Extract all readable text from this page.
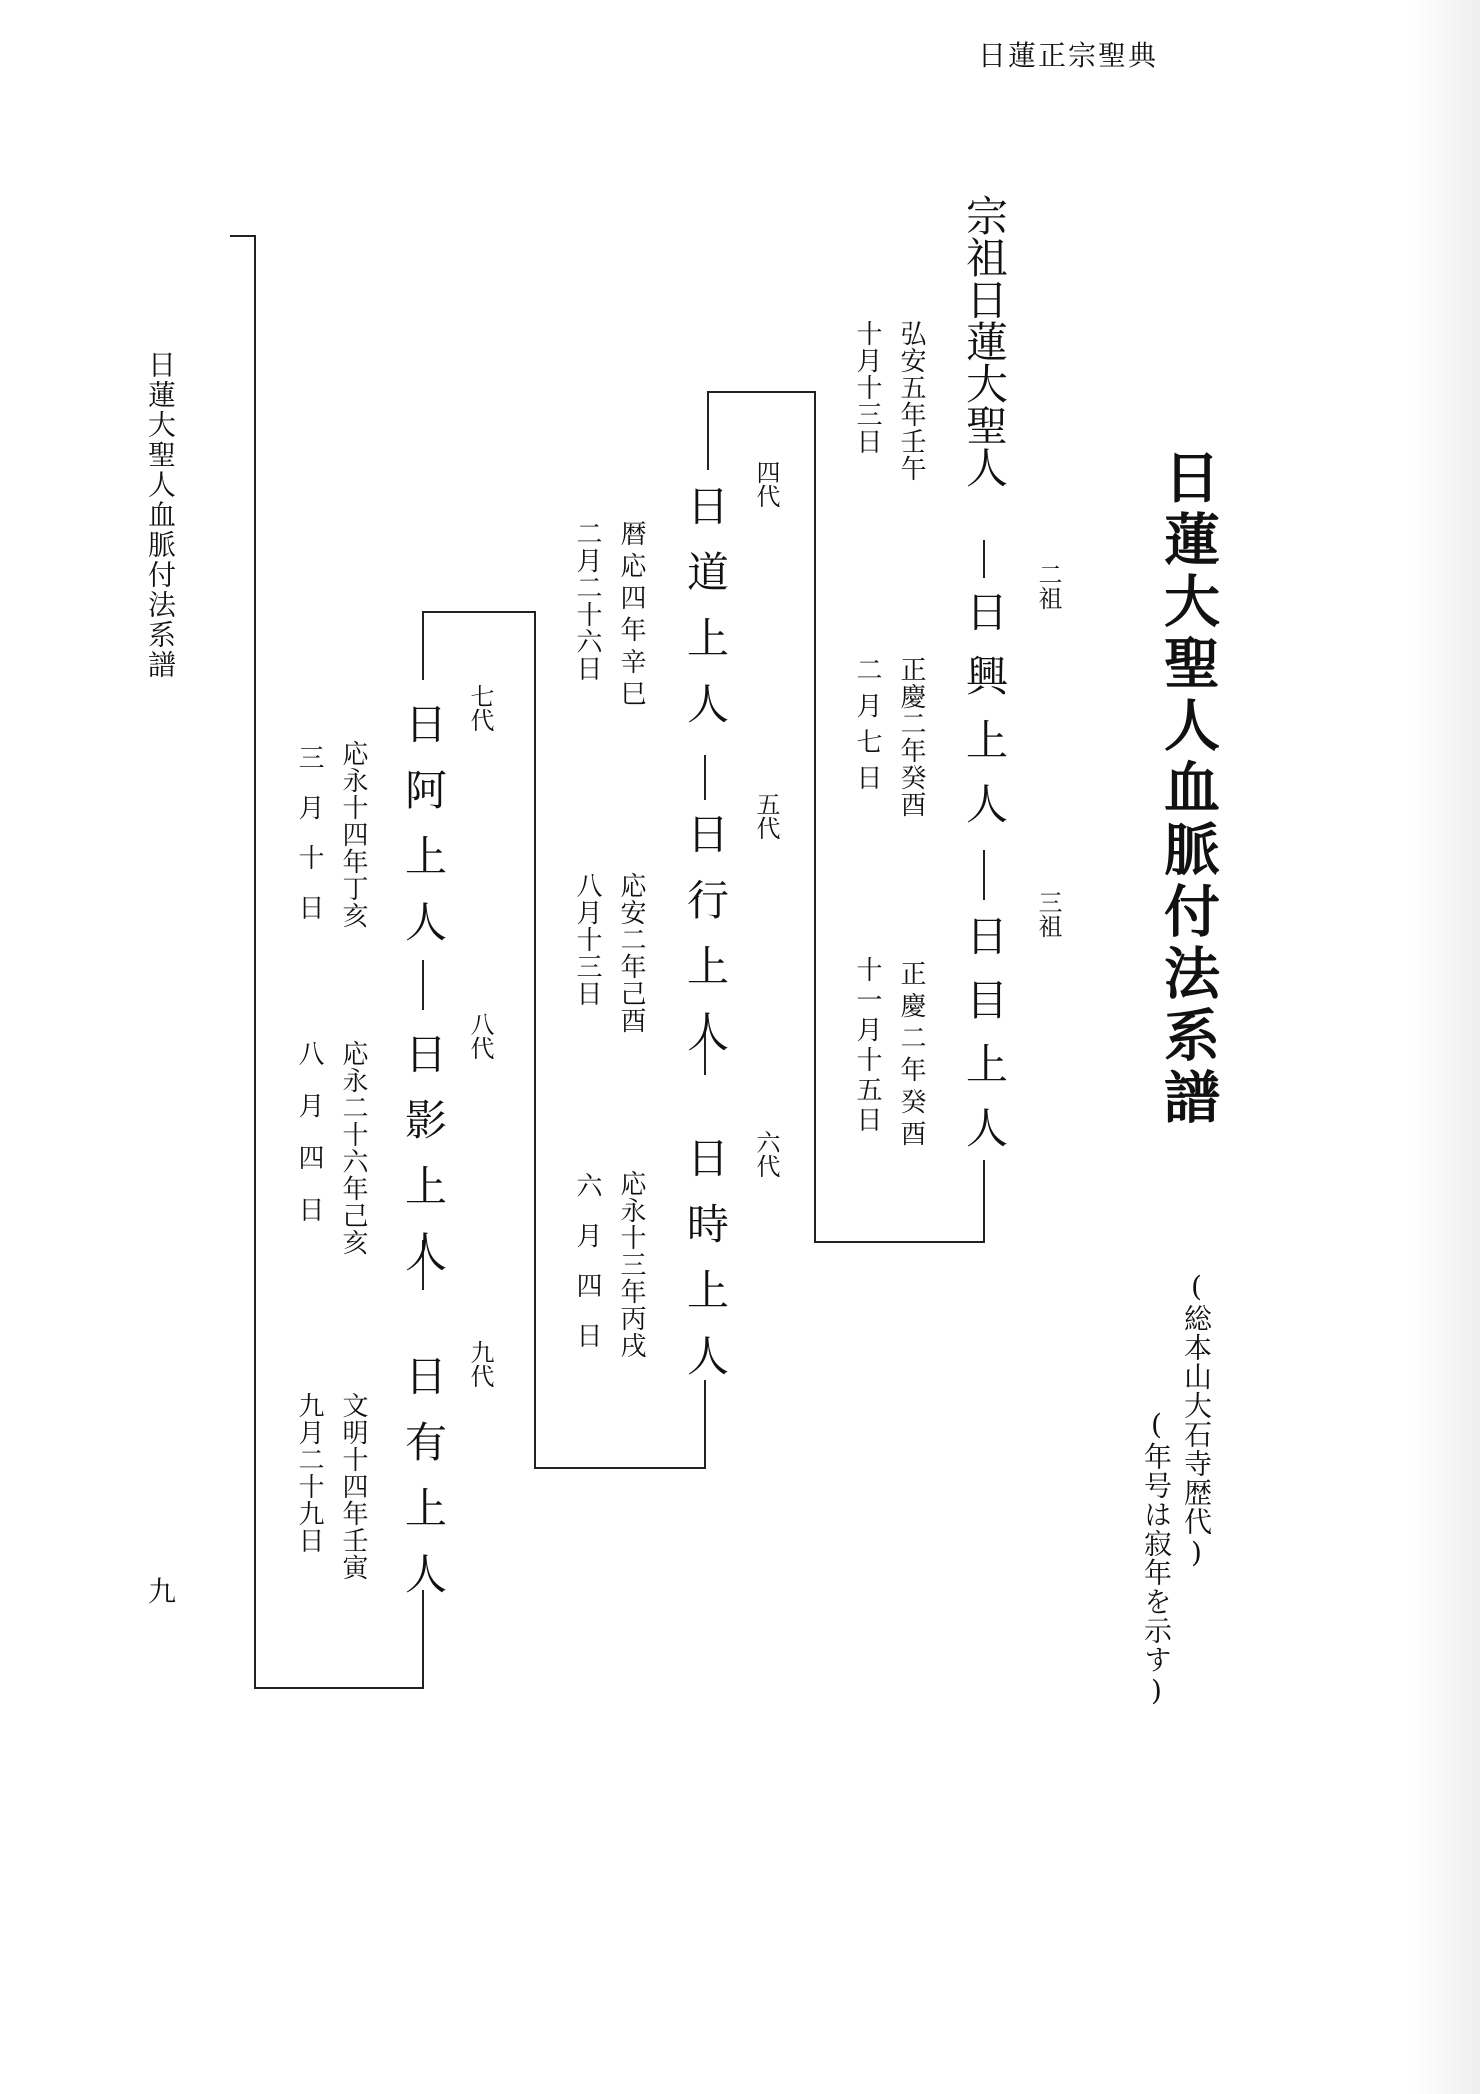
日蓮正宗聖典
日蓮大聖人血脈付法系譜
(総本山大石寺歴代)
(年号は寂年を示す)
日蓮大聖人血脈付法系譜
九
宗祖日蓮大聖人
弘安五年壬午
十月十三日
二祖
日興上人
正慶二年癸酉
二月七日
三祖
日目上人
正慶二年癸酉
十一月十五日
四代
日道上人
暦応四年辛巳
二月二十六日
五代
日行上人
応安二年己酉
八月十三日
六代
日時上人
応永十三年丙戌
六月四日
七代
日阿上人
応永十四年丁亥
三月十日
八代
日影上人
応永二十六年己亥
八月四日
九代
日有上人
文明十四年壬寅
九月二十九日
